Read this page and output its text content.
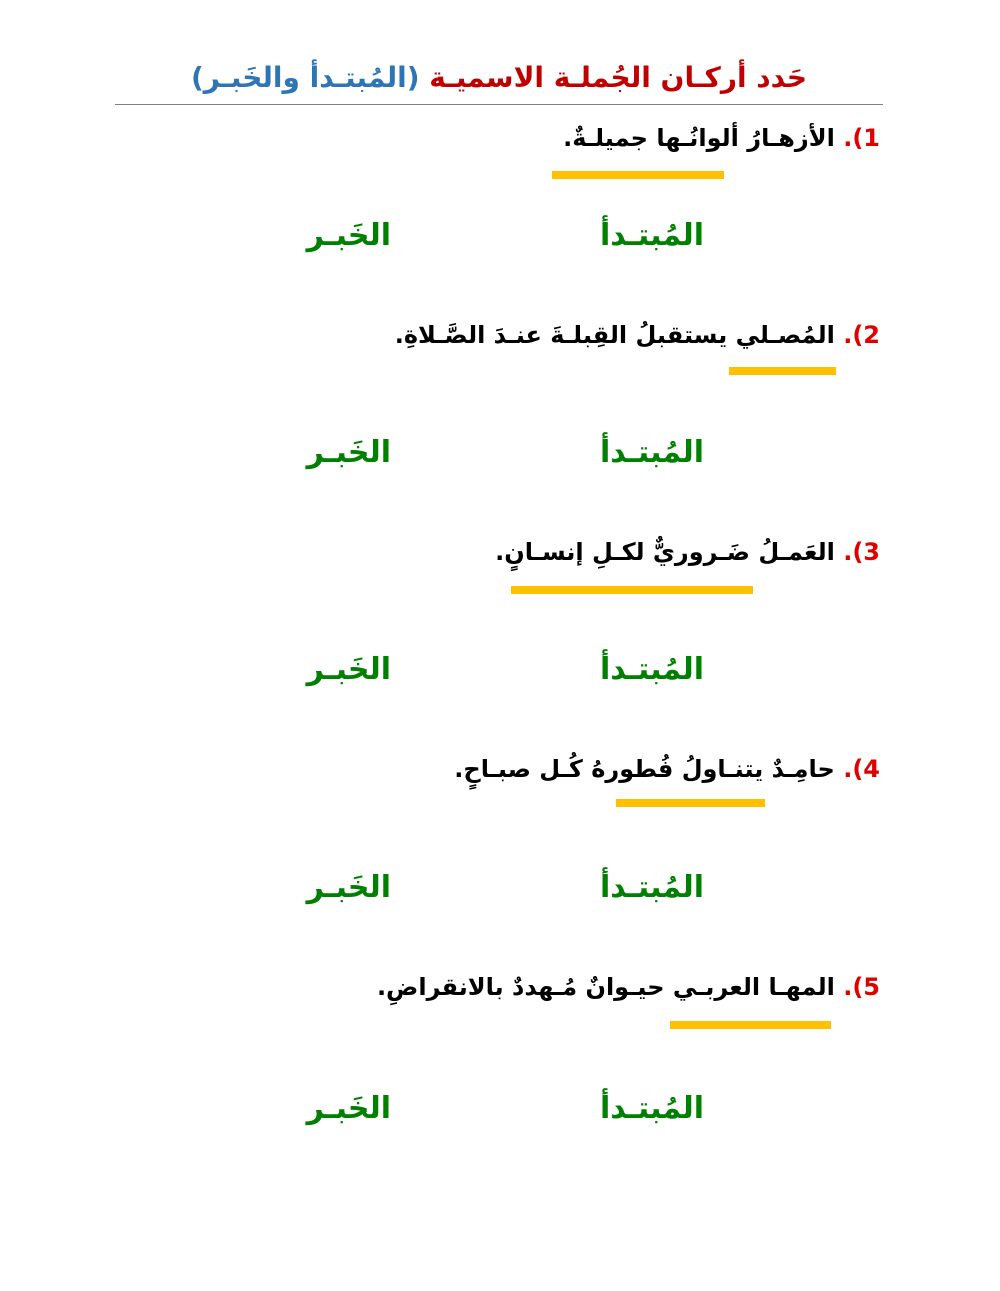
حَدد أركـان الجُملـة الاسميـة (المُبتـدأ والخَبـر)
1). الأزهـارُ ألوانُـها جميلـةٌ.
المُبتـدأ
الخَبـر
2). المُصـلي يستقبلُ القِبلـةَ عنـدَ الصَّـلاةِ.
المُبتـدأ
الخَبـر
3). العَمـلُ ضَـروريٌّ لكـلِ إنسـانٍ.
المُبتـدأ
الخَبـر
4). حامِـدٌ يتنـاولُ فُطورهُ كُـل صبـاحٍ.
المُبتـدأ
الخَبـر
5). المهـا العربـي حيـوانٌ مُـهددٌ بالانقراضِ.
المُبتـدأ
الخَبـر
